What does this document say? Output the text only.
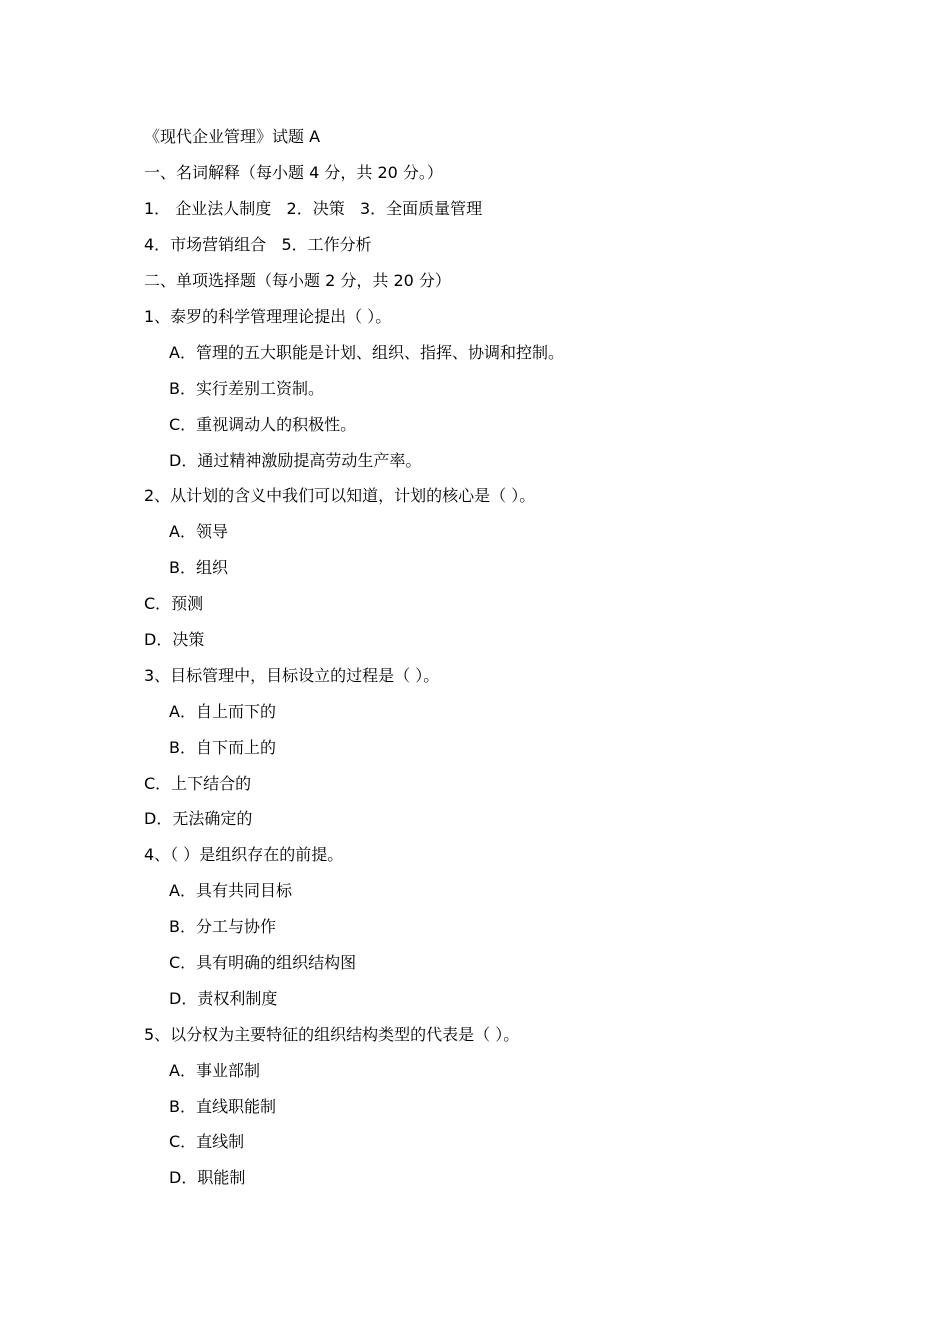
《现代企业管理》试题 A
一、名词解释（每小题 4 分，共 20 分。）
1． 企业法人制度   2．决策   3．全面质量管理
4．市场营销组合   5．工作分析
二、单项选择题（每小题 2 分，共 20 分）
1、泰罗的科学管理理论提出（ ）。
A．管理的五大职能是计划、组织、指挥、协调和控制。
B．实行差别工资制。
C．重视调动人的积极性。
D．通过精神激励提高劳动生产率。
2、从计划的含义中我们可以知道，计划的核心是（ ）。
A．领导
B．组织
C．预测
D．决策
3、目标管理中，目标设立的过程是（ ）。
A．自上而下的
B．自下而上的
C．上下结合的
D．无法确定的
4、（ ）是组织存在的前提。
A．具有共同目标
B．分工与协作
C．具有明确的组织结构图
D．责权利制度
5、以分权为主要特征的组织结构类型的代表是（ ）。
A．事业部制
B．直线职能制
C．直线制
D．职能制
